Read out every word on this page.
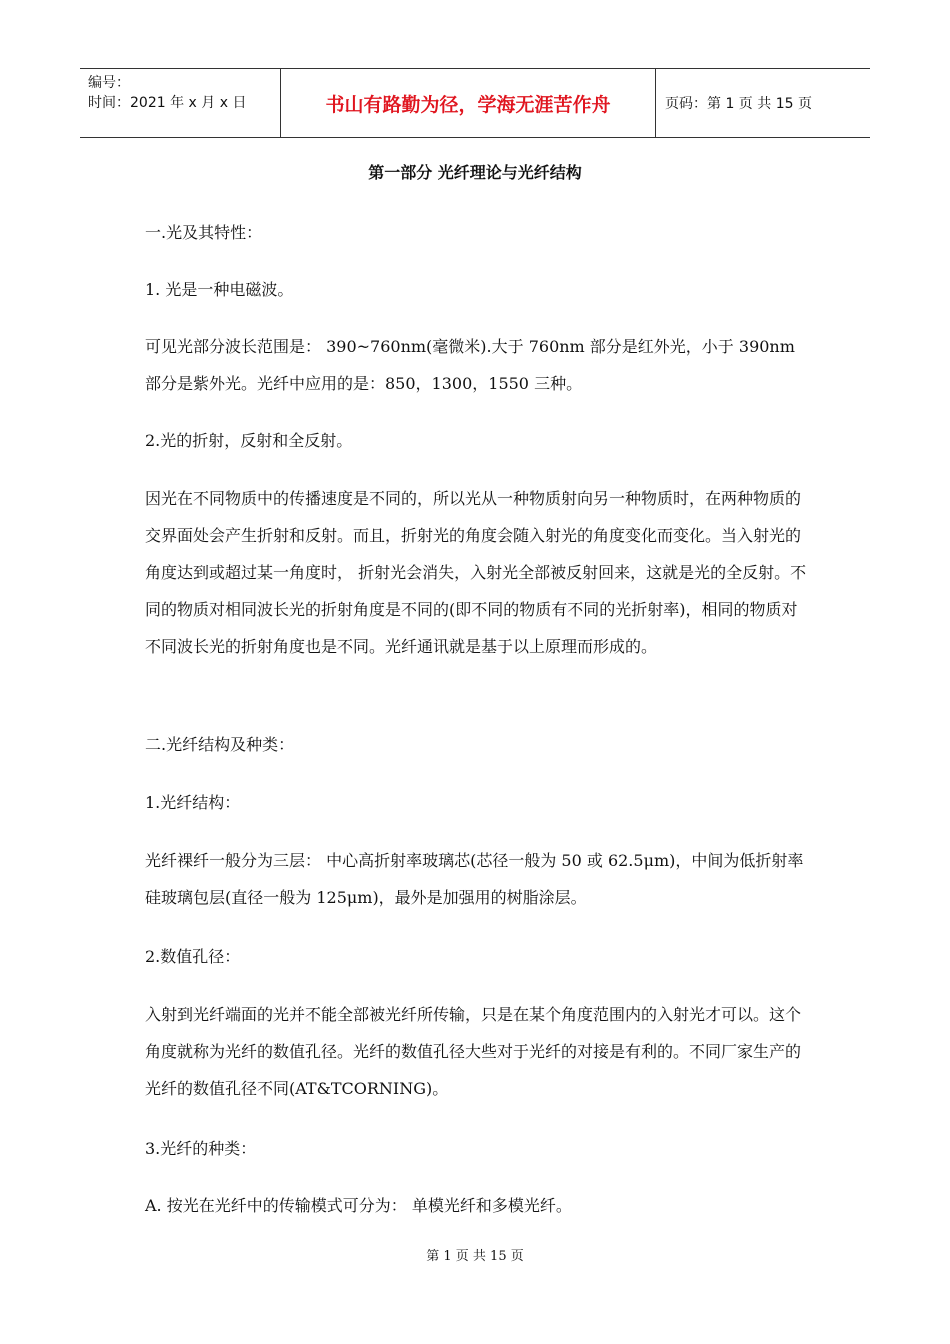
编号：
时间：2021 年 x 月 x 日	书山有路勤为径，学海无涯苦作舟	页码：第 1 页 共 15 页
第一部分 光纤理论与光纤结构

一.光及其特性：

1. 光是一种电磁波。

可见光部分波长范围是： 390~760nm(毫微米).大于 760nm 部分是红外光，小于 390nm 部分是紫外光。光纤中应用的是：850，1300，1550 三种。

2.光的折射，反射和全反射。

因光在不同物质中的传播速度是不同的，所以光从一种物质射向另一种物质时，在两种物质的交界面处会产生折射和反射。而且，折射光的角度会随入射光的角度变化而变化。当入射光的角度达到或超过某一角度时， 折射光会消失，入射光全部被反射回来，这就是光的全反射。不同的物质对相同波长光的折射角度是不同的(即不同的物质有不同的光折射率)，相同的物质对不同波长光的折射角度也是不同。光纤通讯就是基于以上原理而形成的。

二.光纤结构及种类：

1.光纤结构：

光纤裸纤一般分为三层： 中心高折射率玻璃芯(芯径一般为 50 或 62.5μm)，中间为低折射率硅玻璃包层(直径一般为 125μm)，最外是加强用的树脂涂层。

2.数值孔径：

入射到光纤端面的光并不能全部被光纤所传输，只是在某个角度范围内的入射光才可以。这个角度就称为光纤的数值孔径。光纤的数值孔径大些对于光纤的对接是有利的。不同厂家生产的光纤的数值孔径不同(AT&TCORNING)。

3.光纤的种类：

A. 按光在光纤中的传输模式可分为： 单模光纤和多模光纤。

第 1 页 共 15 页
